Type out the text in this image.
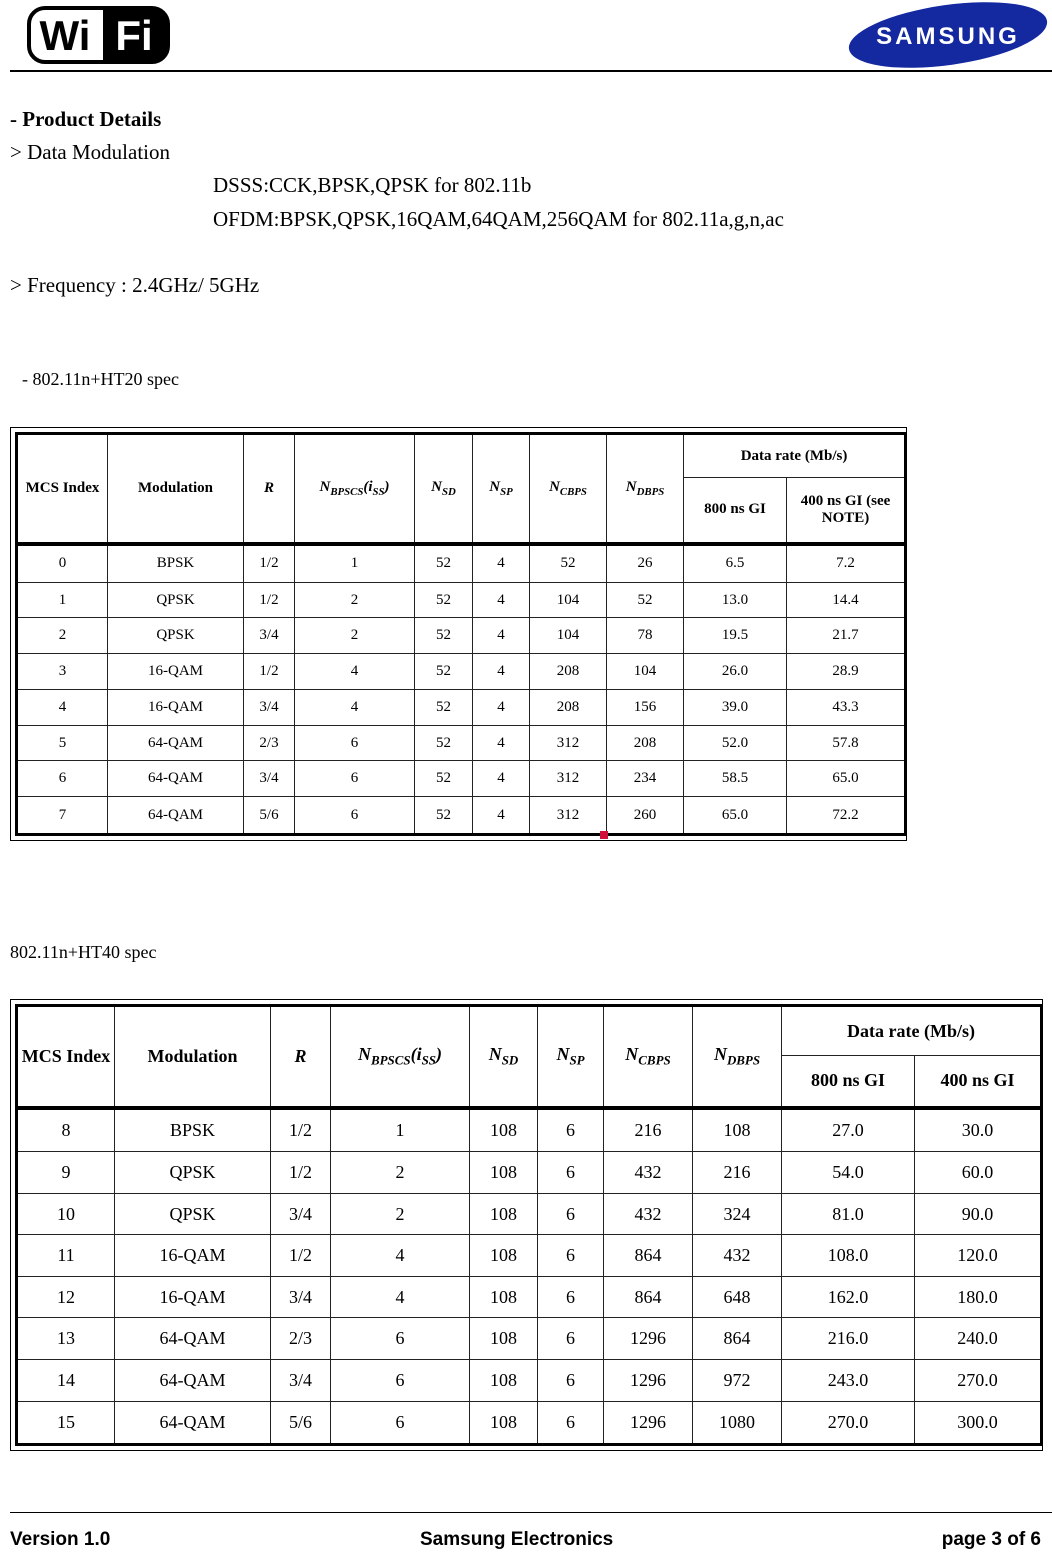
Wi Fi	SAMSUNG
- Product Details
> Data Modulation
DSSS:CCK,BPSK,QPSK for 802.11b
OFDM:BPSK,QPSK,16QAM,64QAM,256QAM for 802.11a,g,n,ac
> Frequency : 2.4GHz/ 5GHz
- 802.11n+HT20 spec
MCS Index	Modulation	R	$N_{BPSCS}(i_{SS})$	$N_{SD}$	$N_{SP}$	$N_{CBPS}$	$N_{DBPS}$	Data rate (Mb/s)	
								800 ns GI	400 ns GI (see NOTE)
0	BPSK	1/2	1	52	4	52	26	6.5	7.2
1	QPSK	1/2	2	52	4	104	52	13.0	14.4
2	QPSK	3/4	2	52	4	104	78	19.5	21.7
3	16-QAM	1/2	4	52	4	208	104	26.0	28.9
4	16-QAM	3/4	4	52	4	208	156	39.0	43.3
5	64-QAM	2/3	6	52	4	312	208	52.0	57.8
6	64-QAM	3/4	6	52	4	312	234	58.5	65.0
7	64-QAM	5/6	6	52	4	312	260	65.0	72.2
802.11n+HT40 spec
MCS Index	Modulation	R	$N_{BPSCS}(i_{SS})$	$N_{SD}$	$N_{SP}$	$N_{CBPS}$	$N_{DBPS}$	Data rate (Mb/s)	
								800 ns GI	400 ns GI
8	BPSK	1/2	1	108	6	216	108	27.0	30.0
9	QPSK	1/2	2	108	6	432	216	54.0	60.0
10	QPSK	3/4	2	108	6	432	324	81.0	90.0
11	16-QAM	1/2	4	108	6	864	432	108.0	120.0
12	16-QAM	3/4	4	108	6	864	648	162.0	180.0
13	64-QAM	2/3	6	108	6	1296	864	216.0	240.0
14	64-QAM	3/4	6	108	6	1296	972	243.0	270.0
15	64-QAM	5/6	6	108	6	1296	1080	270.0	300.0
Version 1.0	Samsung Electronics	page 3 of 6
